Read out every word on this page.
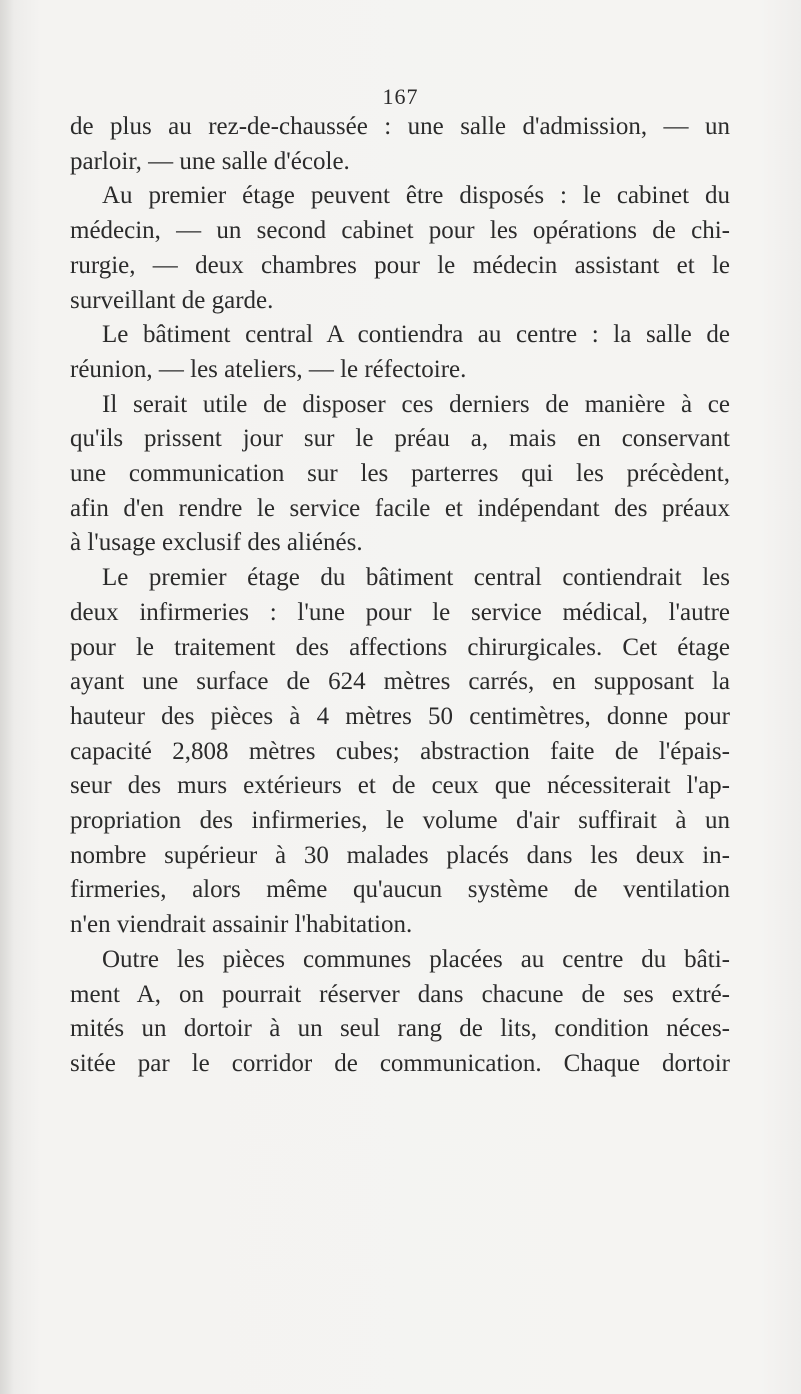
167

de plus au rez-de-chaussée : une salle d'admission, — un
parloir, — une salle d'école.

Au premier étage peuvent être disposés : le cabinet du
médecin, — un second cabinet pour les opérations de chi-
rurgie, — deux chambres pour le médecin assistant et le
surveillant de garde.

Le bâtiment central A contiendra au centre : la salle de
réunion, — les ateliers, — le réfectoire.

Il serait utile de disposer ces derniers de manière à ce
qu'ils prissent jour sur le préau a, mais en conservant
une communication sur les parterres qui les précèdent,
afin d'en rendre le service facile et indépendant des préaux
à l'usage exclusif des aliénés.

Le premier étage du bâtiment central contiendrait les
deux infirmeries : l'une pour le service médical, l'autre
pour le traitement des affections chirurgicales. Cet étage
ayant une surface de 624 mètres carrés, en supposant la
hauteur des pièces à 4 mètres 50 centimètres, donne pour
capacité 2,808 mètres cubes; abstraction faite de l'épais-
seur des murs extérieurs et de ceux que nécessiterait l'ap-
propriation des infirmeries, le volume d'air suffirait à un
nombre supérieur à 30 malades placés dans les deux in-
firmeries, alors même qu'aucun système de ventilation
n'en viendrait assainir l'habitation.

Outre les pièces communes placées au centre du bâti-
ment A, on pourrait réserver dans chacune de ses extré-
mités un dortoir à un seul rang de lits, condition néces-
sitée par le corridor de communication. Chaque dortoir
